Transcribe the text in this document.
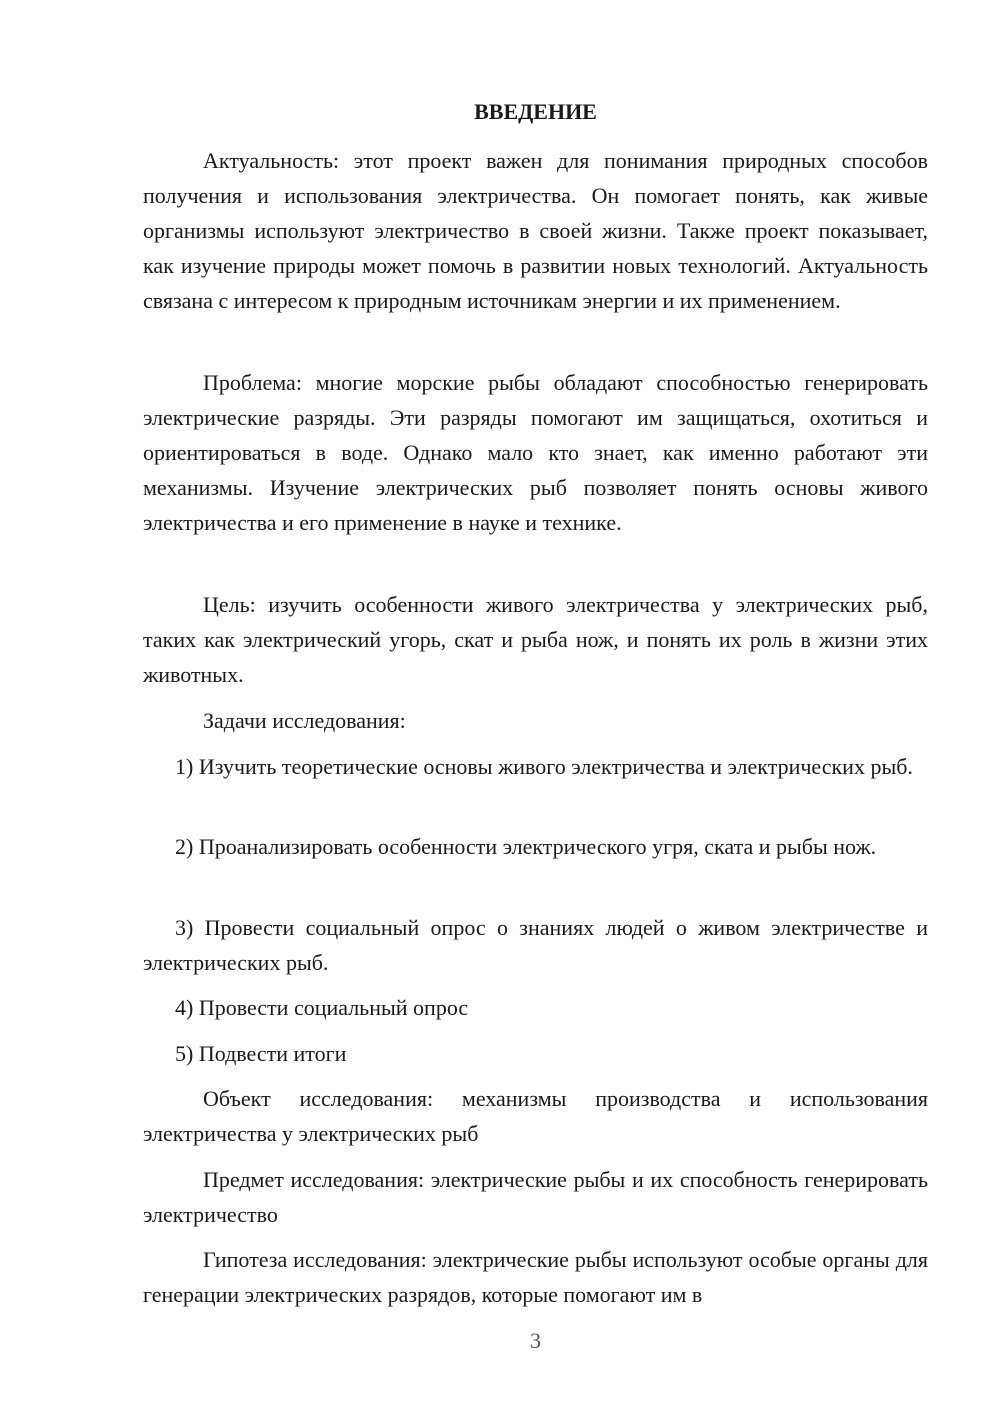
ВВЕДЕНИЕ

Актуальность: этот проект важен для понимания природных способов получения и использования электричества. Он помогает понять, как живые организмы используют электричество в своей жизни. Также проект показывает, как изучение природы может помочь в развитии новых технологий. Актуальность связана с интересом к природным источникам энергии и их применением.

Проблема: многие морские рыбы обладают способностью генерировать электрические разряды. Эти разряды помогают им защищаться, охотиться и ориентироваться в воде. Однако мало кто знает, как именно работают эти механизмы. Изучение электрических рыб позволяет понять основы живого электричества и его применение в науке и технике.

Цель: изучить особенности живого электричества у электрических рыб, таких как электрический угорь, скат и рыба нож, и понять их роль в жизни этих животных.

Задачи исследования:

1) Изучить теоретические основы живого электричества и электрических рыб.

2) Проанализировать особенности электрического угря, ската и рыбы нож.

3) Провести социальный опрос о знаниях людей о живом электричестве и электрических рыб.

4) Провести социальный опрос

5) Подвести итоги

Объект исследования: механизмы производства и использования электричества у электрических рыб

Предмет исследования: электрические рыбы и их способность генерировать электричество

Гипотеза исследования: электрические рыбы используют особые органы для генерации электрических разрядов, которые помогают им в

3
